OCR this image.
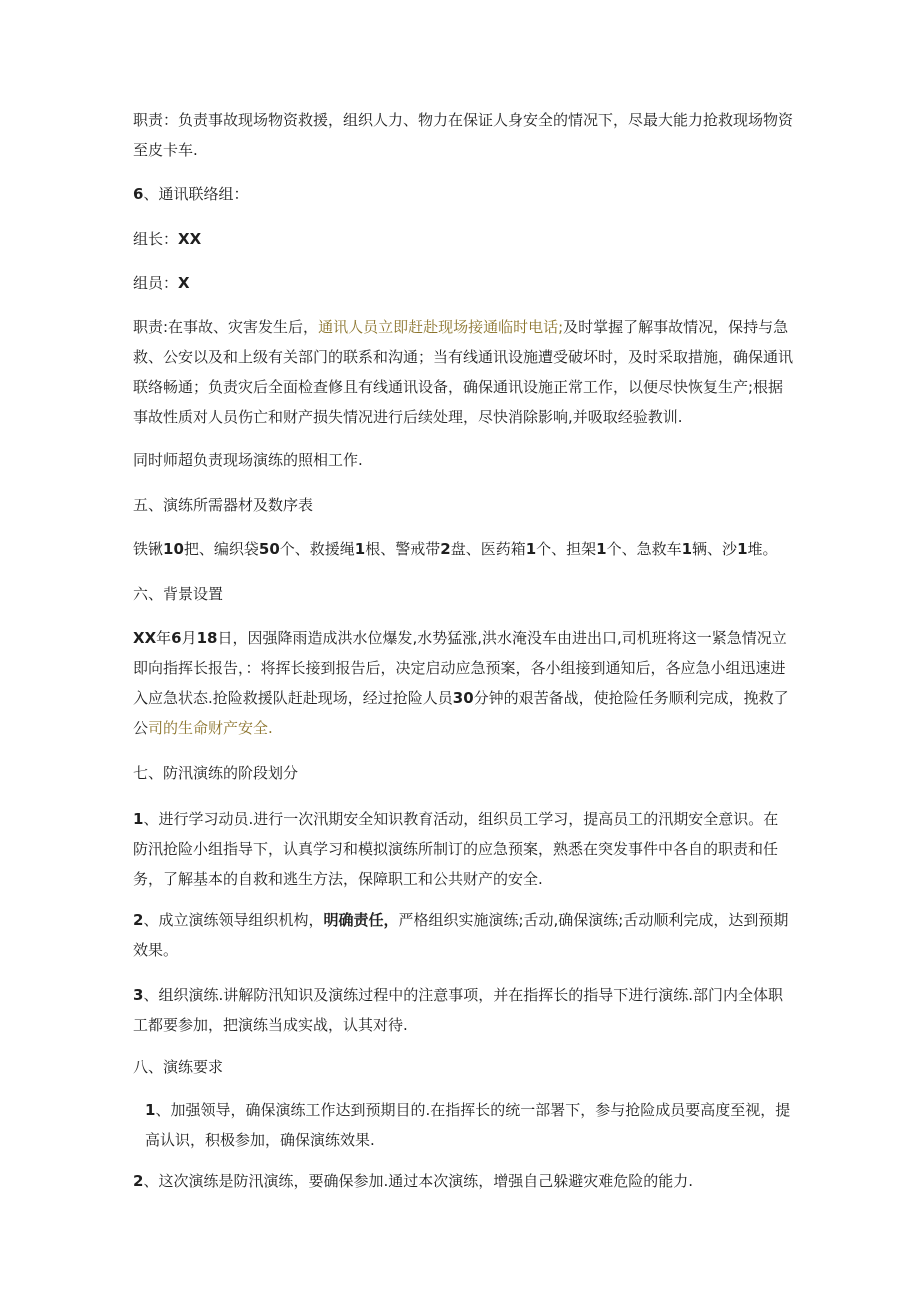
职责：负责事故现场物资救援，组织人力、物力在保证人身安全的情况下，尽最大能力抢救现场物资至皮卡车.

6、通讯联络组：

组长：XX

组员：X

职责:在事故、灾害发生后，通讯人员立即赶赴现场接通临时电话;及时掌握了解事故情况，保持与急救、公安以及和上级有关部门的联系和沟通；当有线通讯设施遭受破坏时，及时采取措施，确保通讯联络畅通；负责灾后全面检查修且有线通讯设备，确保通讯设施正常工作，以便尽快恢复生产;根据事故性质对人员伤亡和财产损失情况进行后续处理，尽快消除影响,并吸取经验教训.

同时师超负责现场演练的照相工作.

五、演练所需器材及数序表

铁锹10把、编织袋50个、救援绳1根、警戒带2盘、医药箱1个、担架1个、急救车1辆、沙1堆。

六、背景设置

XX年6月18日，因强降雨造成洪水位爆发,水势猛涨,洪水淹没车由进出口,司机班将这一紧急情况立即向指挥长报告，：将挥长接到报告后，决定启动应急预案，各小组接到通知后，各应急小组迅速进入应急状态.抢险救援队赶赴现场，经过抢险人员30分钟的艰苦备战，使抢险任务顺利完成，挽救了公司的生命财产安全.

七、防汛演练的阶段划分

1、进行学习动员.进行一次汛期安全知识教育活动，组织员工学习，提高员工的汛期安全意识。在防汛抢险小组指导下，认真学习和模拟演练所制订的应急预案，熟悉在突发事件中各自的职责和任务，了解基本的自救和逃生方法，保障职工和公共财产的安全.

2、成立演练领导组织机构，明确责任，严格组织实施演练;舌动,确保演练;舌动顺利完成，达到预期效果。

3、组织演练.讲解防汛知识及演练过程中的注意事项，并在指挥长的指导下进行演练.部门内全体职工都要参加，把演练当成实战，认其对待.

八、演练要求

1、加强领导，确保演练工作达到预期目的.在指挥长的统一部署下，参与抢险成员要高度至视，提高认识，积极参加，确保演练效果.

2、这次演练是防汛演练，要确保参加.通过本次演练，增强自己躲避灾难危险的能力.
